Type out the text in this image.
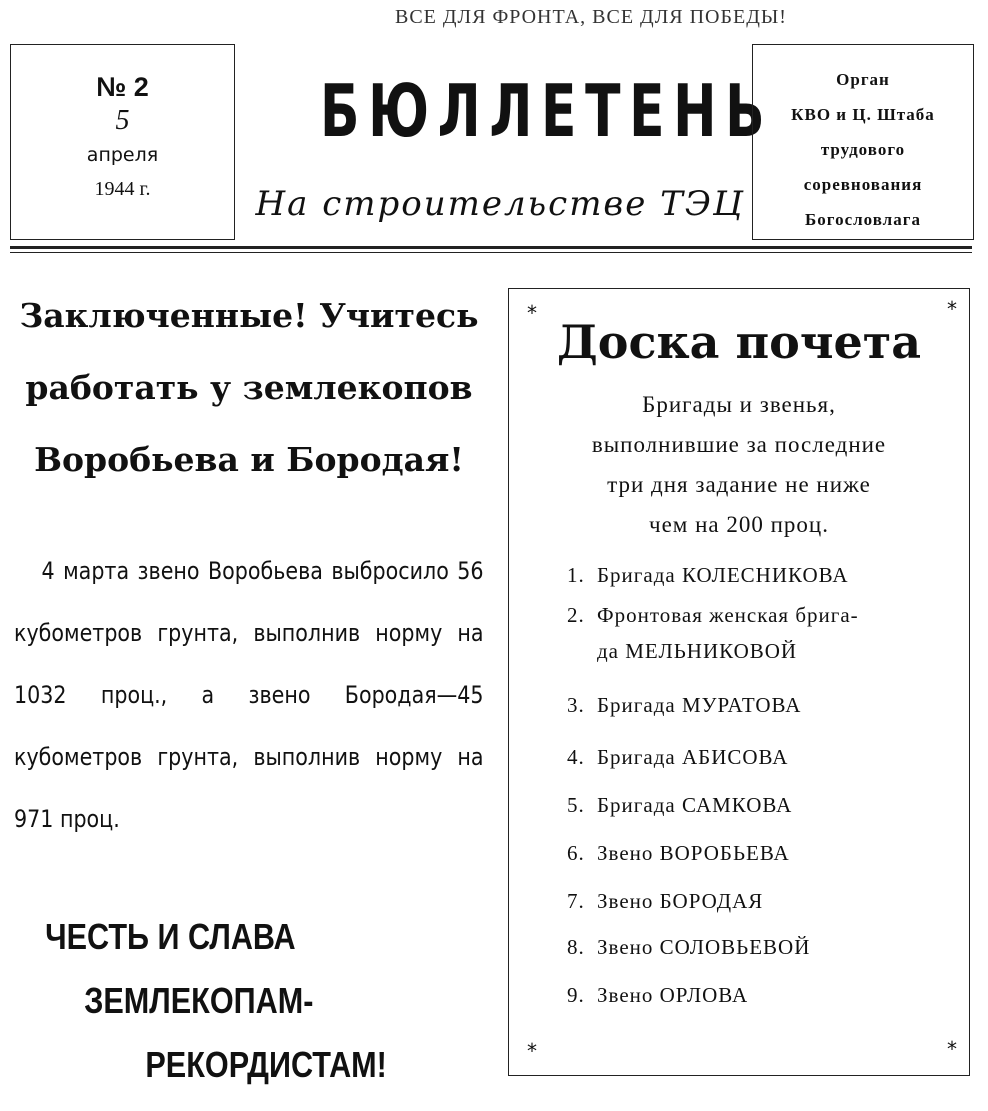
ВСЕ ДЛЯ ФРОНТА, ВСЕ ДЛЯ ПОБЕДЫ!
№ 2
5
апреля
1944 г.
БЮЛЛЕТЕНЬ
На строительстве ТЭЦ
Орган
КВО и Ц. Штаба
трудового
соревнования
Богословлага
Заключенные! Учитесь
работать у землекопов
Воробьева и Бородая!
4 марта звено Воробьева выбросило 56 кубометров грунта, выполнив норму на 1032 проц., а звено Бородая—45 кубометров грунта, выполнив норму на 971 проц.
ЧЕСТЬ И СЛАВА
ЗЕМЛЕКОПАМ-
РЕКОРДИСТАМ!
*	*
*	*
Доска почета
Бригады и звенья,
выполнившие за последние
три дня задание не ниже
чем на 200 проц.
1. Бригада КОЛЕСНИКОВА
2. Фронтовая женская брига-
да МЕЛЬНИКОВОЙ
3. Бригада МУРАТОВА
4. Бригада АБИСОВА
5. Бригада САМКОВА
6. Звено ВОРОБЬЕВА
7. Звено БОРОДАЯ
8. Звено СОЛОВЬЕВОЙ
9. Звено ОРЛОВА
